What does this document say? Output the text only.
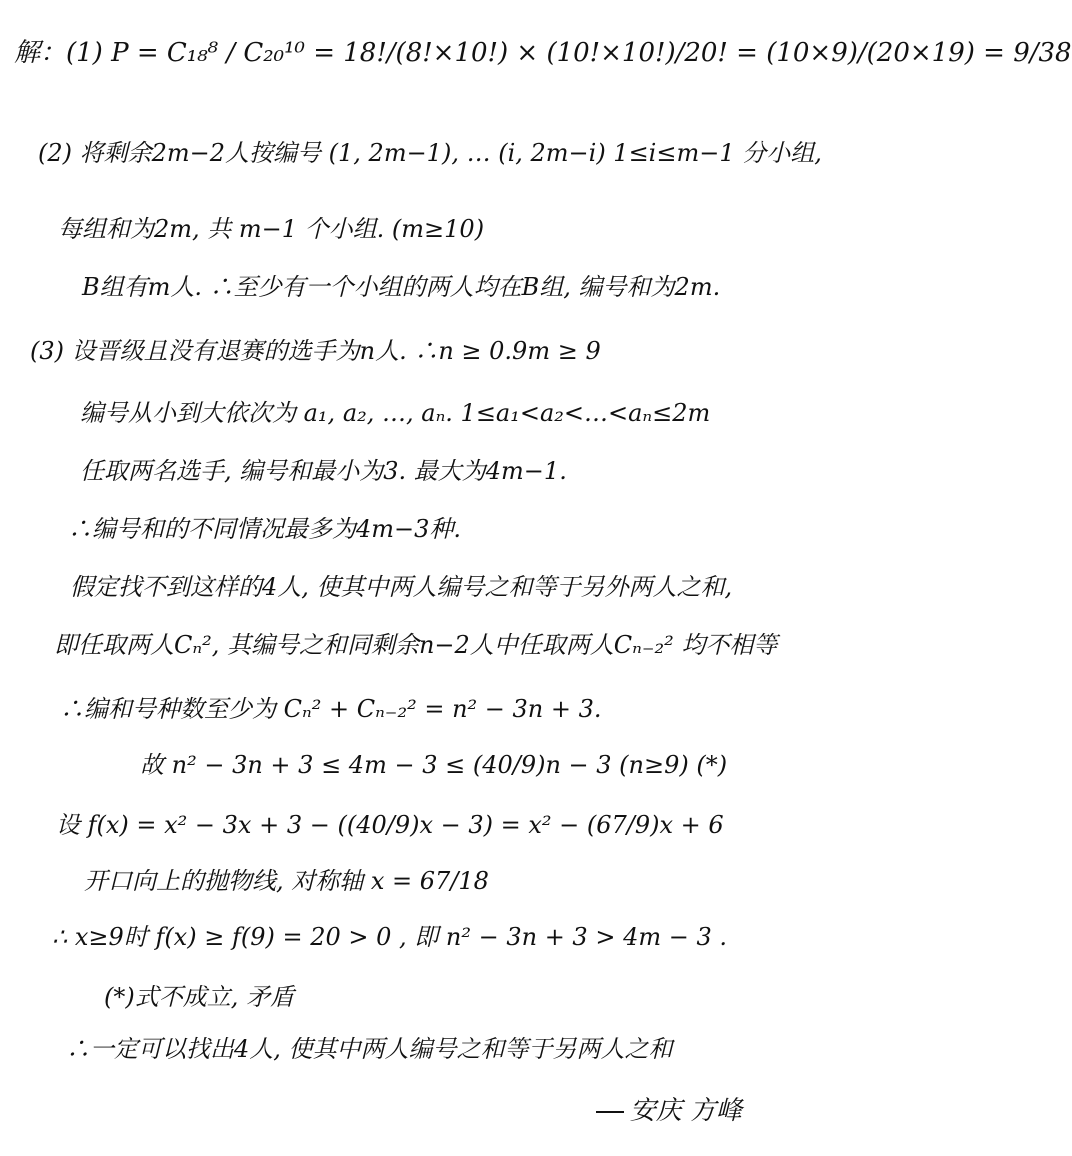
解：(1) P = C₁₈⁸ / C₂₀¹⁰ = 18!/(8!×10!) × (10!×10!)/20! = (10×9)/(20×19) = 9/38
(2) 将剩余2m−2人按编号 (1, 2m−1), … (i, 2m−i) 1≤i≤m−1 分小组,
每组和为2m, 共 m−1 个小组. (m≥10)
B组有m人. ∴至少有一个小组的两人均在B组, 编号和为2m.
(3) 设晋级且没有退赛的选手为n人. ∴n ≥ 0.9m ≥ 9
编号从小到大依次为 a₁, a₂, …, aₙ. 1≤a₁<a₂<…<aₙ≤2m
任取两名选手, 编号和最小为3. 最大为4m−1.
∴编号和的不同情况最多为4m−3种.
假定找不到这样的4人, 使其中两人编号之和等于另外两人之和,
即任取两人Cₙ², 其编号之和同剩余n−2人中任取两人Cₙ₋₂² 均不相等
∴编和号种数至少为 Cₙ² + Cₙ₋₂² = n² − 3n + 3.
故 n² − 3n + 3 ≤ 4m − 3 ≤ (40/9)n − 3 (n≥9) (*)
设 f(x) = x² − 3x + 3 − ((40/9)x − 3) = x² − (67/9)x + 6
开口向上的抛物线, 对称轴 x = 67/18
∴ x≥9时 f(x) ≥ f(9) = 20 > 0 , 即 n² − 3n + 3 > 4m − 3 .
(*)式不成立, 矛盾
∴一定可以找出4人, 使其中两人编号之和等于另两人之和
安庆 方峰
